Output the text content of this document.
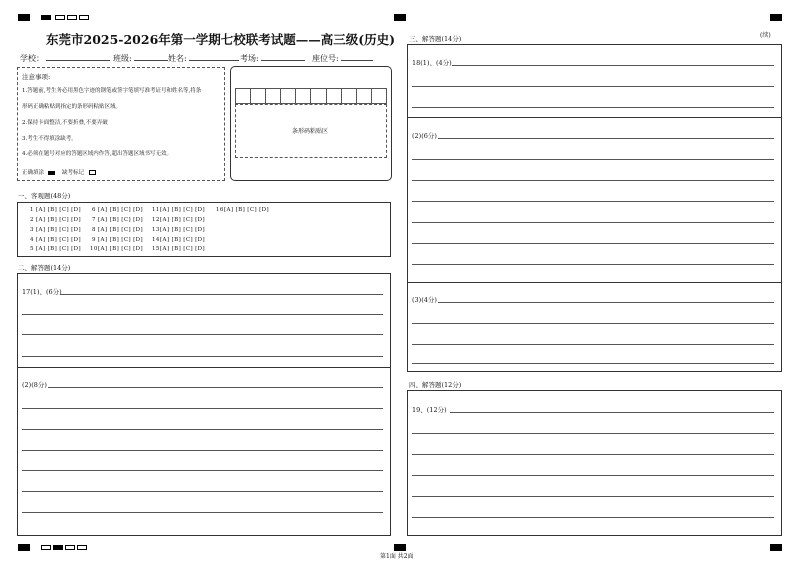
东莞市2025-2026年第一学期七校联考试题——高三级(历史)
学校：	班级:	姓名:	考场:	座位号:
注意事项:
1.答题前,考生务必用黑色字迹的钢笔或签字笔填写准考证号和姓名等,将条
形码正确粘贴到指定的条形码粘贴区域。
2.保持卡面整洁,不要折叠,不要弄破
3.考生不得填涂缺考。
4.必须在题号对应的答题区域内作答,超出答题区域书写无效。
正确填涂	缺考标记
条形码粘贴区
一、客观题(48分)
1 [A] [B] [C] [D] 6 [A] [B] [C] [D] 11 [A] [B] [C] [D] 16 [A] [B] [C] [D]
2 [A] [B] [C] [D] 7 [A] [B] [C] [D] 12 [A] [B] [C] [D]
3 [A] [B] [C] [D] 8 [A] [B] [C] [D] 13 [A] [B] [C] [D]
4 [A] [B] [C] [D] 9 [A] [B] [C] [D] 14 [A] [B] [C] [D]
5 [A] [B] [C] [D] 10 [A] [B] [C] [D] 15 [A] [B] [C] [D]
二、解答题(14分)
17(1)、(6分)
(2)(8分)
三、解答题(14分)	(续)
18(1)、(4分)
(2)(6分)
(3)(4分)
四、解答题(12分)
19、(12分)
第1面 共2面
